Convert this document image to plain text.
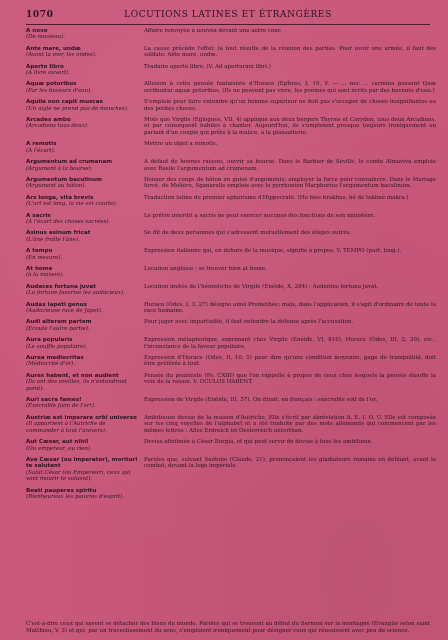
1070	LOCUTIONS LATINES ET ÉTRANGÈRES
A novo
(De nouveau).
Affaire renvoyée à nouvea devant une autre cour.
Ante mare, undæ
(Avant la mer, les ondes).
La cause précède l'effet; la tout résulte de la réunion des parties. Pour avoir une armée, il faut des soldats: Ante mare, undæ.
Aperto libro
(A livre ouvert).
Traduire aperto libro. (V. Ad aperturam libri.)
Aquæ potoribus
(Par les buveurs d'eau).
Allusion à cette pensée fantaisiste d'Horace (Epîtres, I, 19, V. — ... nec ... carmina possunt Quæ scribuntur aquæ potoribus. (Ils ne peuvent pas vivre, les poèmes qui sont écrits par des buveurs d'eau.)
Aquila non capit muscas
(Un aigle ne prend pas de mouches).
S'emploie pour faire entendre qu'un homme supérieur ne doit pas s'occuper de choses insignifiantes ou des petites choses.
Arcades ambo
(Arcadiens tous deux).
Mots que Virgile (Eglogues, VII, 4) applique aux deux bergers Thyrsis et Corydon, tous deux Arcadiens, et par conséquent habiles à chanter. Aujourd'hui, ils s'emploient presque toujours ironiquement en parlant d'un couple qui prête à la malice, à la plaisanterie.
A remotis
(A l'écart).
Mettre un objet a remotis.
Argumentum ad crumenam
(Argument à la bourse).
A défaut de bonnes raisons, ouvrir sa bourse. Dans le Barbier de Séville, le comte Almaviva emploie avec Basile l'argumentum ad crumenam.
Argumentum baculinum
(Argument au bâton).
Donner des coups de bâton en guise d'arguments; employer la force pour convaincre. Dans le Mariage forcé, de Molière, Sganarelle emploie avec le pyrrhonien Marphurius l'argumentum baculinum.
Ars longa, vita brevis
(L'art est long, la vie est courte).
Traduction latine du premier aphorisme d'Hippocrate. (Ho bios brakhus, hê de tekhnê makra.)
A sacris
(A l'écart des choses sacrées).
Le prêtre interdit a sacris ne peut exercer aucunes des fonctions de son ministère.
Asinus asinum fricat
(L'âne frotte l'âne).
Se dit de deux personnes qui s'adressent mutuellement des éloges outrés.
A tempo
(En mesure).
Expression italienne qui, en dehors de la musique, signifie à propos. V. TEMPO (part. long.).
At home
(à la maison).
Location anglaise : se trouver bien at home.
Audaces fortuna juvat
(La fortune favorise les audacieux).
Locution imitée de l'hémistiche de Virgile (Enéide, X, 284) : Audentes fortuna juvat.
Audax Iapeti genus
(Audacieuse race de Japet).
Horace (Odes, I, 3, 27) désigne ainsi Prométhée; mais, dans l'application, il s'agit d'ordinaire de toute la race humaine.
Audi alteram partem
(Ecoute l'autre partie).
Pour juger avec impartialité, il faut entendre la défense après l'accusation.
Aura popularis
(Le souffle populaire).
Expression métaphorique, exprimant chez Virgile (Enéide, VI, 816), Horace (Odes, III, 2, 20), etc., l'inconstance de la faveur populaire.
Aurea mediocritas
(Médiocrité d'or).
Expression d'Horace (Odes, II, 10, 5) pour dire qu'une condition moyenne, gage de tranquillité, doit être préférée à tout.
Aures habent, et non audient
(Ils ont des oreilles, ils n'entendront point).
Pensée du psalmiste (Ps. CXIII) que l'on rappelle à propos de ceux chez lesquels la pensée étouffe la voix de la raison. V. OCULOS HABENT.
Auri sacra fames!
(Exécrable faim de l'or!).
Expression de Virgile (Enéide, III, 57). On dirait, en français : exécrable soif de l'or.
Austriæ est imperare orbi universo
(Il appartient à l'Autriche de commander à tout l'univers).
Ambitieuse devise de la maison d'Autriche. Elle s'écrit par abréviation A. E. I. O. U. Elle est composée sur les cinq voyelles de l'alphabet et a été traduite par des mots allemands qui commencent par les mêmes lettres : Alles Erdreich ist Oesterreich unterthan.
Aut Cæsar, aut nihil
(Ou empereur, ou rien).
Devise attribuée à César Borgia, et qui peut servir de devise à tous les ambitieux.
Ave Cæsar (ou imperator), morituri te salutant
(Salut César (ou Empereur), ceux qui vont mourir te saluent).
Paroles que, suivant Suétone (Claude, 21), prononçaient les gladiateurs romains en défilant, avant le combat, devant la loge impériale.
Beati pauperes spiritu
(Bienheureux les pauvres d'esprit).
C'est-à-dire ceux qui savent se détacher des biens du monde. Paroles qui se trouvent au début du Sermon sur la montagne (Evangile selon saint Matthieu, V, 3) et qui, par un travestissement du sens, s'emploient ironiquement pour désigner ceux qui réussissent avec peu de science.
